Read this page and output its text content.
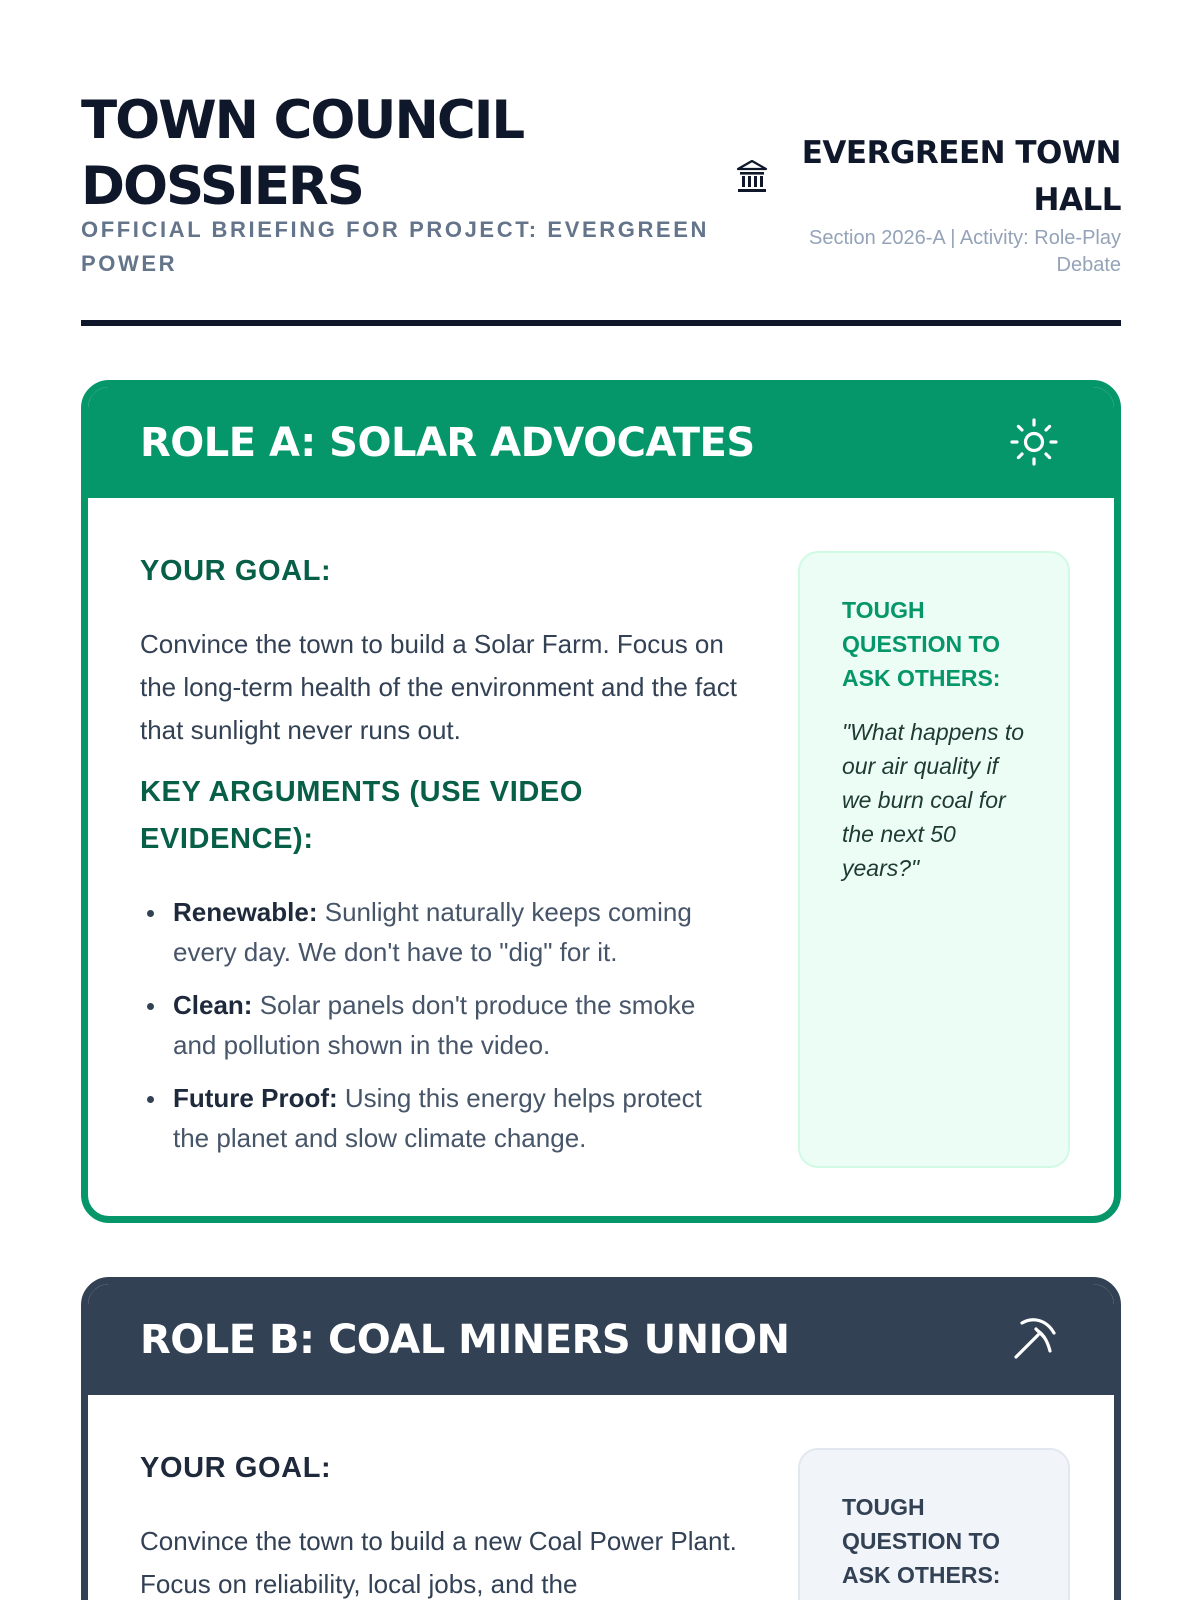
TOWN COUNCIL DOSSIERS
OFFICIAL BRIEFING FOR PROJECT: EVERGREEN POWER
EVERGREEN TOWN HALL
Section 2026-A | Activity: Role-Play Debate
ROLE A: SOLAR ADVOCATES
YOUR GOAL:

Convince the town to build a Solar Farm. Focus on the long-term health of the environment and the fact that sunlight never runs out.

KEY ARGUMENTS (USE VIDEO EVIDENCE):
Renewable: Sunlight naturally keeps coming every day. We don't have to "dig" for it.
Clean: Solar panels don't produce the smoke and pollution shown in the video.
Future Proof: Using this energy helps protect the planet and slow climate change.
TOUGH QUESTION TO ASK OTHERS:

"What happens to our air quality if we burn coal for the next 50 years?"

ROLE B: COAL MINERS UNION
YOUR GOAL:

Convince the town to build a new Coal Power Plant. Focus on reliability, local jobs, and the

TOUGH QUESTION TO ASK OTHERS:
